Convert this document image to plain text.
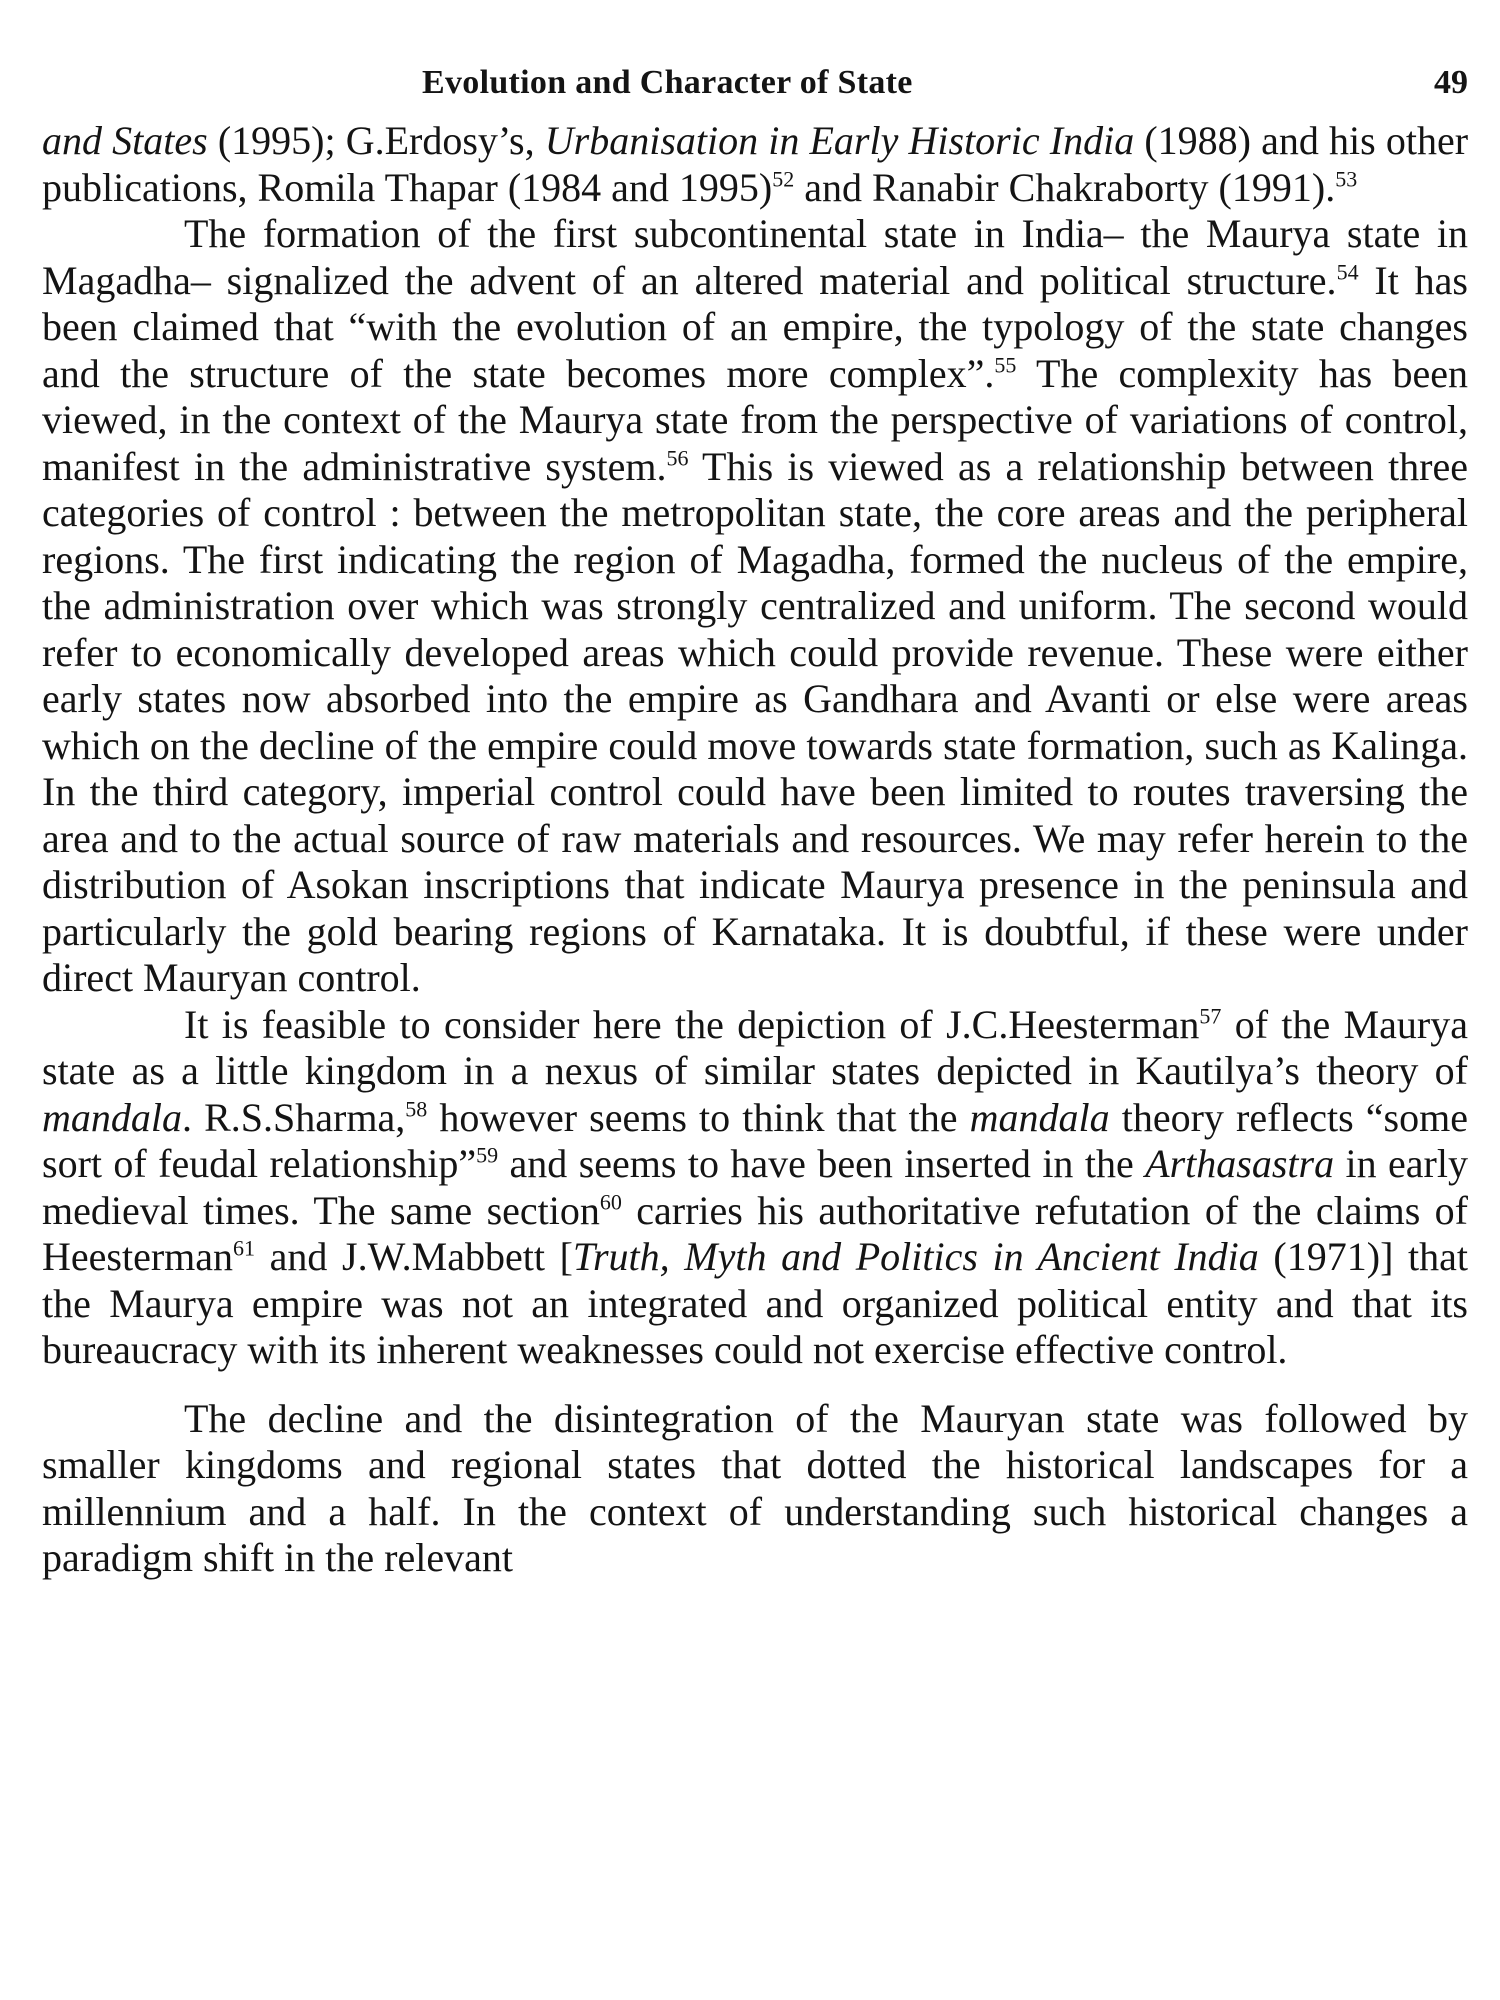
Evolution and Character of State	49

and States (1995); G.Erdosy’s, Urbanisation in Early Historic India (1988) and his other publications, Romila Thapar (1984 and 1995)$^{52}$ and Ranabir Chakraborty (1991).$^{53}$

The formation of the first subcontinental state in India– the Maurya state in Magadha– signalized the advent of an altered material and political structure.$^{54}$ It has been claimed that “with the evolution of an empire, the typology of the state changes and the structure of the state becomes more complex”.$^{55}$ The complexity has been viewed, in the context of the Maurya state from the perspective of variations of control, manifest in the administrative system.$^{56}$ This is viewed as a relationship between three categories of control : between the metropolitan state, the core areas and the peripheral regions. The first indicating the region of Magadha, formed the nucleus of the empire, the administration over which was strongly centralized and uniform. The second would refer to economically developed areas which could provide revenue. These were either early states now absorbed into the empire as Gandhara and Avanti or else were areas which on the decline of the empire could move towards state formation, such as Kalinga. In the third category, imperial control could have been limited to routes traversing the area and to the actual source of raw materials and resources. We may refer herein to the distribution of Asokan inscriptions that indicate Maurya presence in the peninsula and particularly the gold bearing regions of Karnataka. It is doubtful, if these were under direct Mauryan control.

It is feasible to consider here the depiction of J.C.Heesterman$^{57}$ of the Maurya state as a little kingdom in a nexus of similar states depicted in Kautilya’s theory of mandala. R.S.Sharma,$^{58}$ however seems to think that the mandala theory reflects “some sort of feudal relationship”$^{59}$ and seems to have been inserted in the Arthasastra in early medieval times. The same section$^{60}$ carries his authoritative refutation of the claims of Heesterman$^{61}$ and J.W.Mabbett [Truth, Myth and Politics in Ancient India (1971)] that the Maurya empire was not an integrated and organized political entity and that its bureaucracy with its inherent weaknesses could not exercise effective control.

The decline and the disintegration of the Mauryan state was followed by smaller kingdoms and regional states that dotted the historical landscapes for a millennium and a half. In the context of understanding such historical changes a paradigm shift in the relevant
